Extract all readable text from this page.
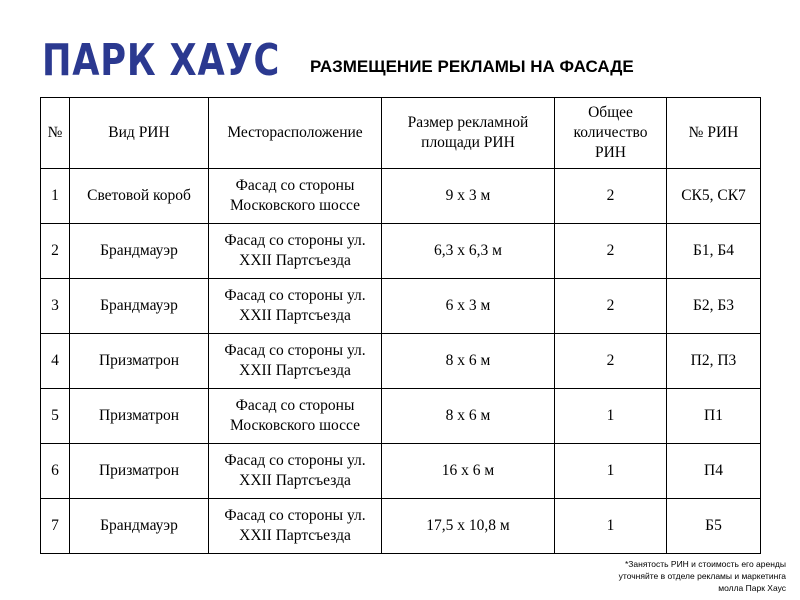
ПАРК ХАУС РАЗМЕЩЕНИЕ РЕКЛАМЫ НА ФАСАДЕ
№	Вид РИН	Месторасположение	Размер рекламной площади РИН	Общее количество РИН	№ РИН
1	Световой короб	Фасад со стороны Московского шоссе	9 х 3 м	2	СК5, СК7
2	Брандмауэр	Фасад со стороны ул. XXII Партсъезда	6,3 х 6,3 м	2	Б1, Б4
3	Брандмауэр	Фасад со стороны ул. XXII Партсъезда	6 х 3 м	2	Б2, Б3
4	Призматрон	Фасад со стороны ул. XXII Партсъезда	8 х 6 м	2	П2, П3
5	Призматрон	Фасад со стороны Московского шоссе	8 х 6 м	1	П1
6	Призматрон	Фасад со стороны ул. XXII Партсъезда	16 х 6 м	1	П4
7	Брандмауэр	Фасад со стороны ул. XXII Партсъезда	17,5 х 10,8 м	1	Б5
*Занятость РИН и стоимость его аренды
уточняйте в отделе рекламы и маркетинга
молла Парк Хаус
